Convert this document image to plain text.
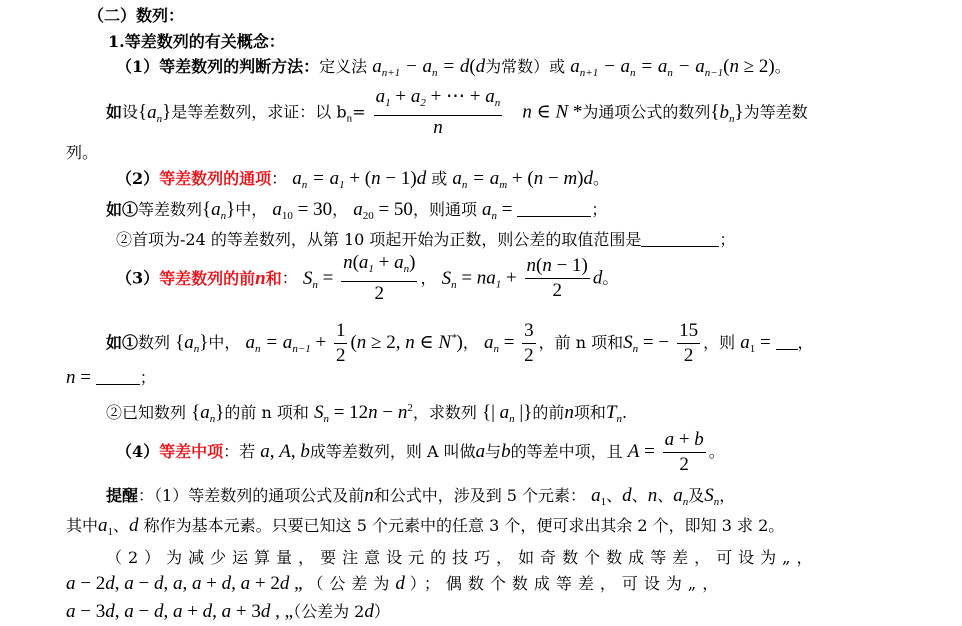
（二）数列：
1.等差数列的有关概念：
（1）等差数列的判断方法：定义法 $a_{n+1} - a_n = d(d$为常数）或 $a_{n+1} - a_n = a_n - a_{n-1}(n \ge 2)$。
如设$\{a_n\}$是等差数列，求证：以 $b_n= \frac{a_1 + a_2 + \cdots + a_n}{n}$ n ∈ N *为通项公式的数列$\{b_n\}$为等差数
列。
（2）等差数列的通项： $a_n = a_1 + (n - 1)d$ 或 $a_n = a_m + (n - m)d$。
如①等差数列$\{a_n\}$中， $a_{10} = 30$， $a_{20} = 50$，则通项 $a_n$ =	；
②首项为-24 的等差数列，从第 10 项起开始为正数，则公差的取值范围是	；
（3）等差数列的前n和： $S_n = \frac{n(a_1 + a_n)}{2}$ ， $S_n = na_1 + \frac{n(n - 1)}{2}$ d。
如①数列 $\{a_n\}$中， $a_n = a_{n-1} + \frac{1}{2} (n \ge 2$, n ∈ N*)， $a_n = \frac{3}{2}$ ，前 n 项和$S_n$ = − $\frac{15}{2}$ ，则 $a_1$ = ，
n =	；
②已知数列 $\{a_n\}$的前 n 项和 $S_n = 12n - n^2$，求数列 {| $a_n$ |}的前n项和$T_n$.
（4）等差中项：若 a, A, b成等差数列，则 A 叫做a与b的等差中项，且 $A = \frac{a + b}{2}$ 。
提醒：（1）等差数列的通项公式及前n和公式中，涉及到 5 个元素： $a_1$、d、n、$a_n$及$S_n$，
其中$a_1$、d 称作为基本元素。只要已知这 5 个元素中的任意 3 个，便可求出其余 2 个，即知 3 求 2。
（2）为减少运算量，要注意设元的技巧，如奇数个数成等差，可设为„，
a − 2d, a − d, a, a + d, a + 2d „ （公差为d ）；偶数个数成等差，可设为„，
a − 3d, a − d, a + d, a + 3d , „（公差为 2d）
